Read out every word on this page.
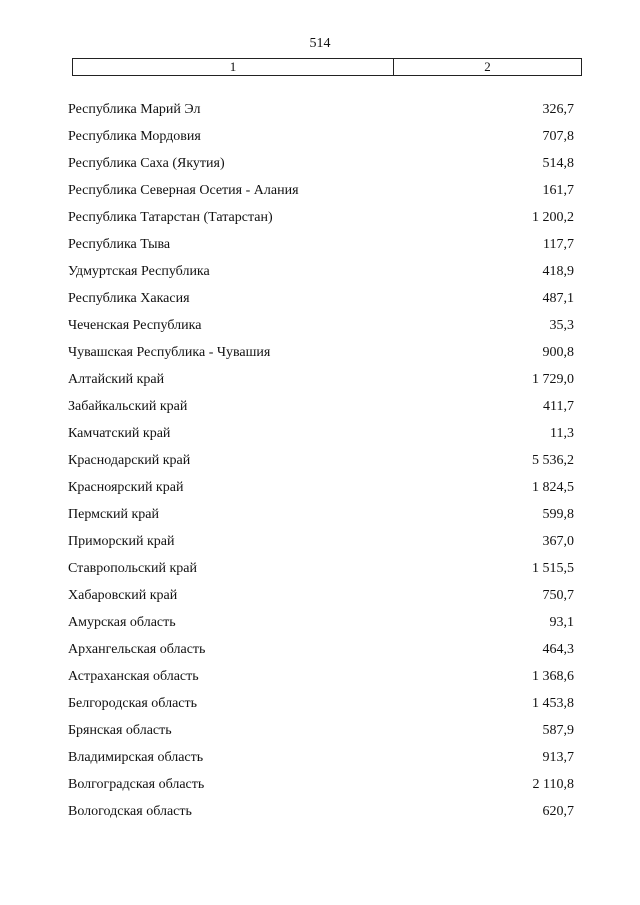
514
1	2
Республика Марий Эл	326,7
Республика Мордовия	707,8
Республика Саха (Якутия)	514,8
Республика Северная Осетия - Алания	161,7
Республика Татарстан (Татарстан)	1 200,2
Республика Тыва	117,7
Удмуртская Республика	418,9
Республика Хакасия	487,1
Чеченская Республика	35,3
Чувашская Республика - Чувашия	900,8
Алтайский край	1 729,0
Забайкальский край	411,7
Камчатский край	11,3
Краснодарский край	5 536,2
Красноярский край	1 824,5
Пермский край	599,8
Приморский край	367,0
Ставропольский край	1 515,5
Хабаровский край	750,7
Амурская область	93,1
Архангельская область	464,3
Астраханская область	1 368,6
Белгородская область	1 453,8
Брянская область	587,9
Владимирская область	913,7
Волгоградская область	2 110,8
Вологодская область	620,7
